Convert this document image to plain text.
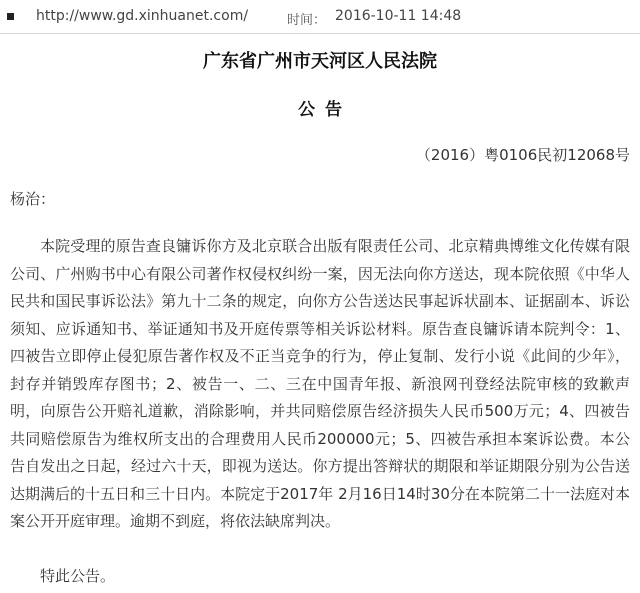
http://www.gd.xinhuanet.com/	时间： 2016-10-11 14:48
广东省广州市天河区人民法院
公告
（2016）粤0106民初12068号
杨治：

本院受理的原告查良镛诉你方及北京联合出版有限责任公司、北京精典博维文化传媒有限公司、广州购书中心有限公司著作权侵权纠纷一案，因无法向你方送达，现本院依照《中华人民共和国民事诉讼法》第九十二条的规定，向你方公告送达民事起诉状副本、证据副本、诉讼须知、应诉通知书、举证通知书及开庭传票等相关诉讼材料。原告查良镛诉请本院判令：1、四被告立即停止侵犯原告著作权及不正当竞争的行为，停止复制、发行小说《此间的少年》，封存并销毁库存图书；2、被告一、二、三在中国青年报、新浪网刊登经法院审核的致歉声明，向原告公开赔礼道歉，消除影响，并共同赔偿原告经济损失人民币500万元；4、四被告共同赔偿原告为维权所支出的合理费用人民币200000元；5、四被告承担本案诉讼费。本公告自发出之日起，经过六十天，即视为送达。你方提出答辩状的期限和举证期限分别为公告送达期满后的十五日和三十日内。本院定于2017年 2月16日14时30分在本院第二十一法庭对本案公开开庭审理。逾期不到庭，将依法缺席判决。

特此公告。
